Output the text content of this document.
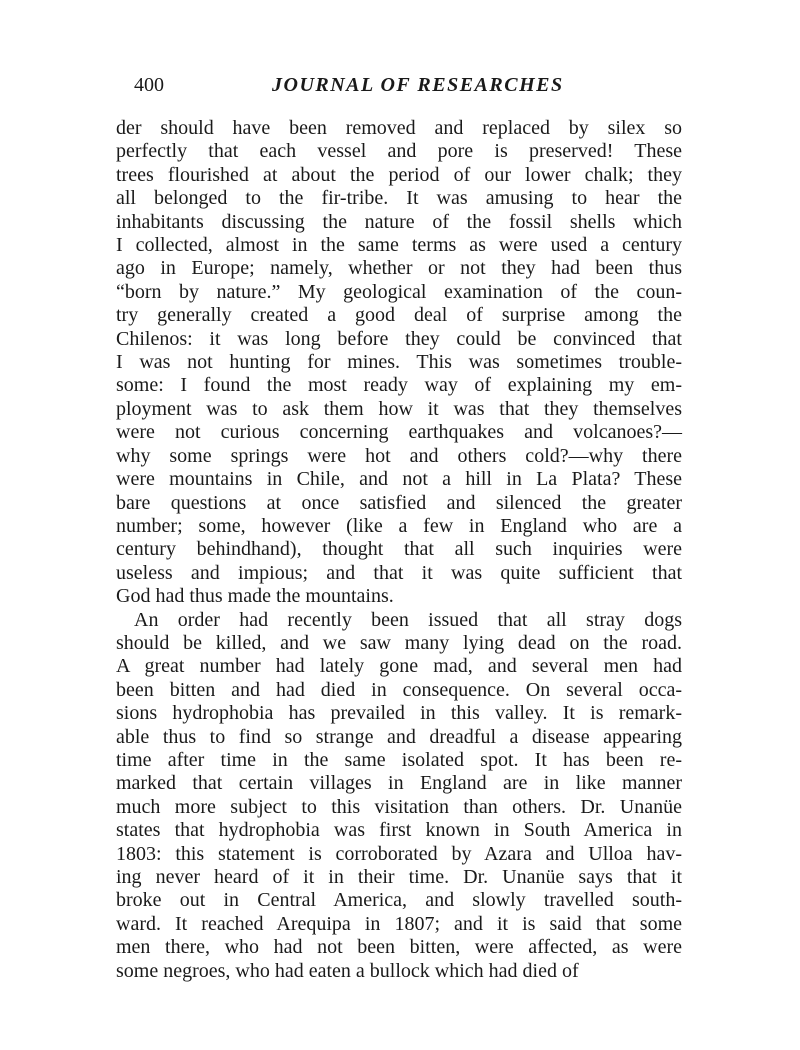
400	JOURNAL OF RESEARCHES
der should have been removed and replaced by silex so
perfectly that each vessel and pore is preserved! These
trees flourished at about the period of our lower chalk; they
all belonged to the fir-tribe. It was amusing to hear the
inhabitants discussing the nature of the fossil shells which
I collected, almost in the same terms as were used a century
ago in Europe; namely, whether or not they had been thus
“born by nature.” My geological examination of the coun-
try generally created a good deal of surprise among the
Chilenos: it was long before they could be convinced that
I was not hunting for mines. This was sometimes trouble-
some: I found the most ready way of explaining my em-
ployment was to ask them how it was that they themselves
were not curious concerning earthquakes and volcanoes?—
why some springs were hot and others cold?—why there
were mountains in Chile, and not a hill in La Plata? These
bare questions at once satisfied and silenced the greater
number; some, however (like a few in England who are a
century behindhand), thought that all such inquiries were
useless and impious; and that it was quite sufficient that
God had thus made the mountains.
An order had recently been issued that all stray dogs
should be killed, and we saw many lying dead on the road.
A great number had lately gone mad, and several men had
been bitten and had died in consequence. On several occa-
sions hydrophobia has prevailed in this valley. It is remark-
able thus to find so strange and dreadful a disease appearing
time after time in the same isolated spot. It has been re-
marked that certain villages in England are in like manner
much more subject to this visitation than others. Dr. Unanüe
states that hydrophobia was first known in South America in
1803: this statement is corroborated by Azara and Ulloa hav-
ing never heard of it in their time. Dr. Unanüe says that it
broke out in Central America, and slowly travelled south-
ward. It reached Arequipa in 1807; and it is said that some
men there, who had not been bitten, were affected, as were
some negroes, who had eaten a bullock which had died of
